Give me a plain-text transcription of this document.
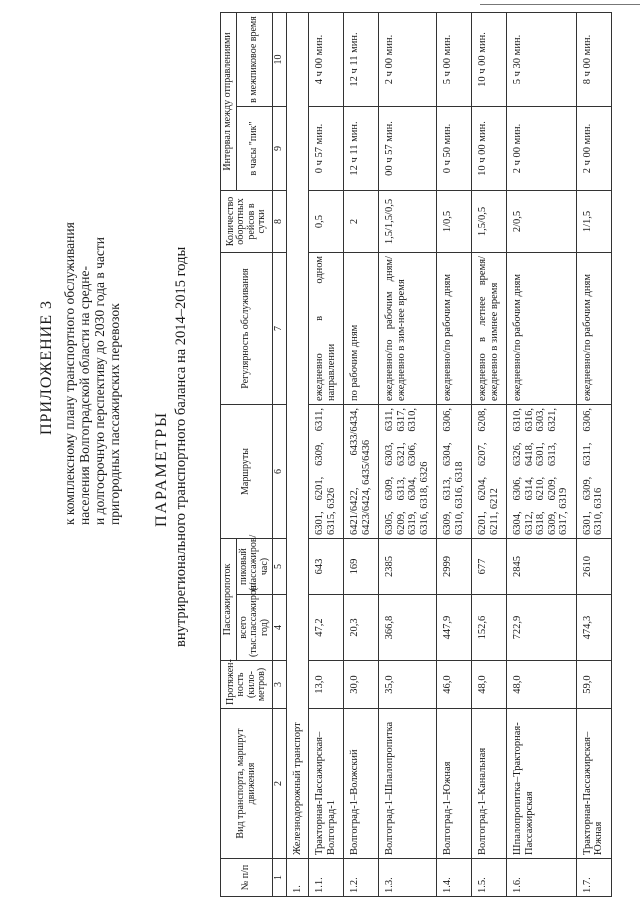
ПРИЛОЖЕНИЕ 3 к комплексному плану транспортного обслуживания населения Волгоградской области на средне- и долгосрочную перспективу до 2030 года в части пригородных пассажирских перевозок ПАРАМЕТРЫ внутрирегионального транспортного баланса на 2014–2015 годы

№ п/п	Вид транспорта, маршрут движения	Протяжен- ность (кило- метров)	Пассажиропоток		Маршруты	Регулярность обслуживания	Количество оборотных рейсов в сутки	Интервал между отправлениями	
			всего (тыс.пассажиров/ год)	пиковый (пассажиров/ час)				в часы "пик"	в межпиковое время
1	2	3	4	5	6	7	8	9	10
1.	Железнодорожный транспорт								
1.1.	Тракторная-Пассажирская– Волгоград-1	13,0	47,2	643	6301, 6201, 6309, 6311, 6315, 6326	ежедневно в одном направлении	0,5	0 ч 57 мин.	4 ч 00 мин.
1.2.	Волгоград-1–Волжский	30,0	20,3	169	6421/6422, 6433/6434, 6423/6424, 6435/6436	по рабочим дням	2	12 ч 11 мин.	12 ч 11 мин.
1.3.	Волгоград-1–Шпалопропитка	35,0	366,8	2385	6305, 6309, 6303, 6311, 6209, 6313, 6321, 6317, 6319, 6304, 6306, 6310, 6316, 6318, 6326	ежедневно/по рабочим дням/ежедневно в зим-нее время	1,5/1,5/0,5	00 ч 57 мин.	2 ч 00 мин.
1.4.	Волгоград-1–Южная	46,0	447,9	2999	6309, 6313, 6304, 6306, 6310, 6316, 6318	ежедневно/по рабочим дням	1/0,5	0 ч 50 мин.	5 ч 00 мин.
1.5.	Волгоград-1–Канальная	48,0	152,6	677	6201, 6204, 6207, 6208, 6211, 6212	ежедневно в летнее время/ежедневно в зимнее время	1,5/0,5	10 ч 00 мин.	10 ч 00 мин.
1.6.	Шпалопропитка–Тракторная-Пассажирская	48,0	722,9	2845	6304, 6306, 6326, 6310, 6312, 6314, 6418, 6316, 6318, 6210, 6301, 6303, 6309, 6209, 6313, 6321, 6317, 6319	ежедневно/по рабочим дням	2/0,5	2 ч 00 мин.	5 ч 30 мин.
1.7.	Тракторная-Пассажирская– Южная	59,0	474,3	2610	6301, 6309, 6311, 6306, 6310, 6316	ежедневно/по рабочим дням	1/1,5	2 ч 00 мин.	8 ч 00 мин.
